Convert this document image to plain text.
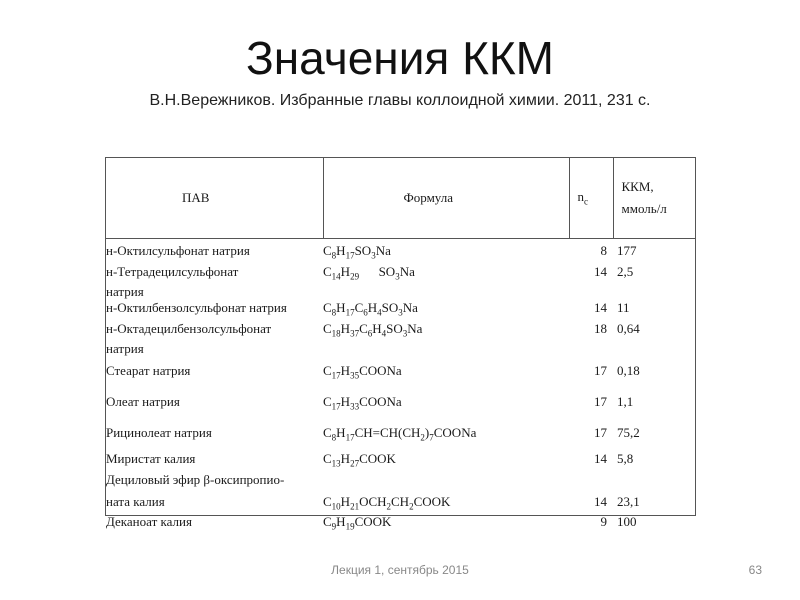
Значения ККМ
В.Н.Вережников. Избранные главы коллоидной химии. 2011, 231 с.
ПАВ	Формула	$n_c$	ККМ,
ммоль/л

н-Октилсульфонат натрия	$C_8H_{17}SO_3Na$	8	177
н-Тетрадецилсульфонат	$C_{14}H_{29}$      $SO_3Na$	14	2,5
натрия			
н-Октилбензолсульфонат натрия	$C_8H_{17}C_6H_4SO_3Na$	14	11
н-Октадецилбензолсульфонат	$C_{18}H_{37}C_6H_4SO_3Na$	18	0,64
натрия			
Стеарат натрия	$C_{17}H_{35}COONa$	17	0,18
Олеат натрия	$C_{17}H_{33}COONa$	17	1,1
Рицинолеат натрия	$C_8H_{17}CH=CH(CH_2)_7COONa$	17	75,2
Миристат калия	$C_{13}H_{27}COOK$	14	5,8
Дециловый эфир β-оксипропио-			
ната калия	$C_{10}H_{21}OCH_2CH_2COOK$	14	23,1
Деканоат калия	$C_9H_{19}COOK$	9	100
Лекция 1, сентябрь 2015	63
